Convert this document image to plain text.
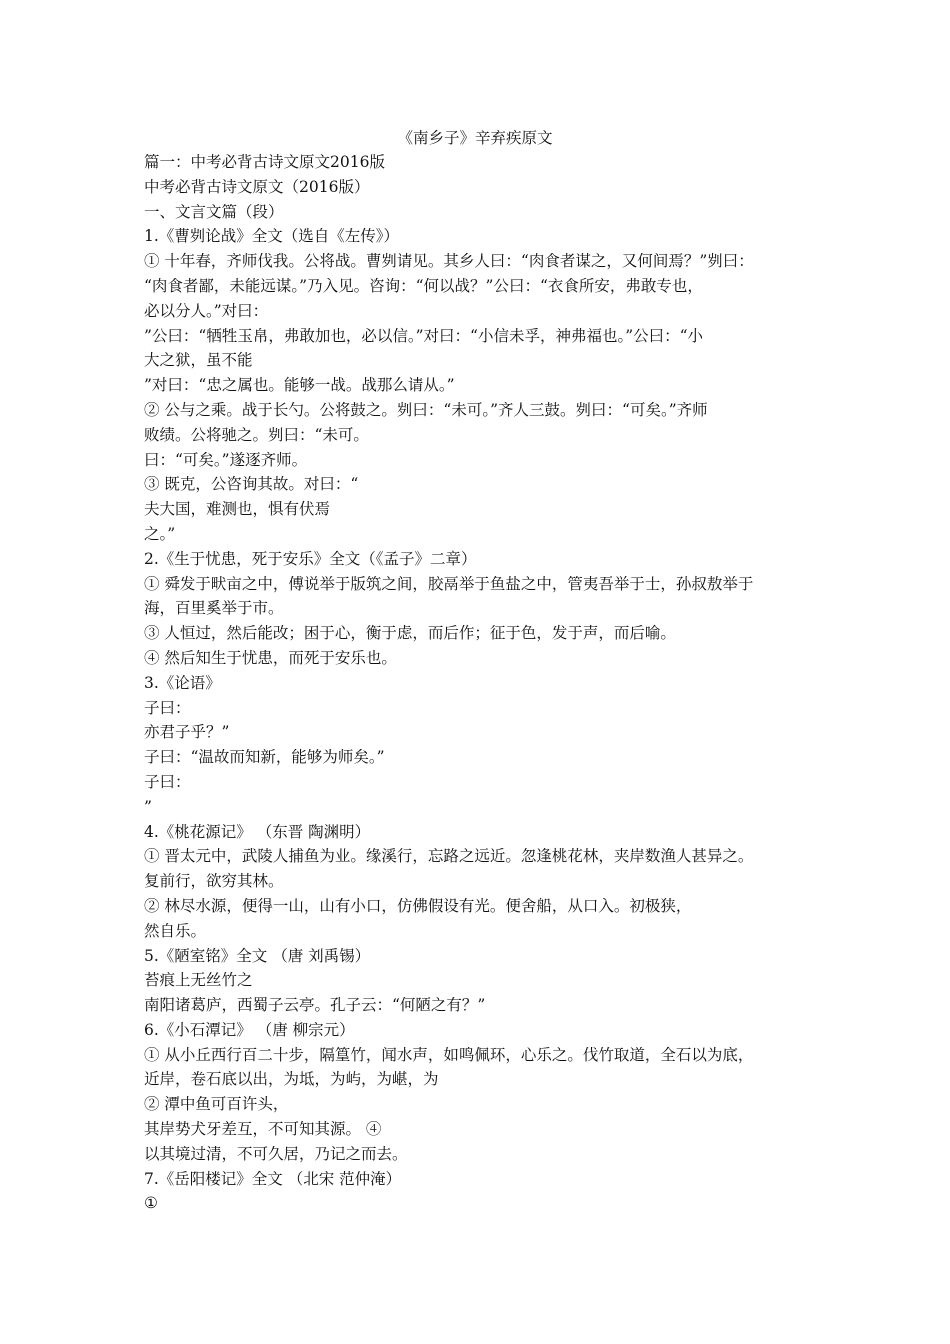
《南乡子》辛弃疾原文
篇一：中考必背古诗文原文2016版
中考必背古诗文原文（2016版）
一、文言文篇（段）
1.《曹刿论战》全文（选自《左传》）
① 十年春，齐师伐我。公将战。曹刿请见。其乡人曰：“肉食者谋之，又何间焉？”刿曰：
“肉食者鄙，未能远谋。”乃入见。咨询：“何以战？”公曰：“衣食所安，弗敢专也，
必以分人。”对曰：
”公曰：“牺牲玉帛，弗敢加也，必以信。”对曰：“小信未孚，神弗福也。”公曰：“小
大之狱，虽不能
”对曰：“忠之属也。能够一战。战那么请从。”
② 公与之乘。战于长勺。公将鼓之。刿曰：“未可。”齐人三鼓。刿曰：“可矣。”齐师
败绩。公将驰之。刿曰：“未可。
曰：“可矣。”遂逐齐师。
③ 既克，公咨询其故。对曰：“
夫大国，难测也，惧有伏焉
之。”
2.《生于忧患，死于安乐》全文（《孟子》二章）
① 舜发于畎亩之中，傅说举于版筑之间，胶鬲举于鱼盐之中，管夷吾举于士，孙叔敖举于
海，百里奚举于市。
③ 人恒过，然后能改；困于心，衡于虑，而后作；征于色，发于声，而后喻。
④ 然后知生于忧患，而死于安乐也。
3.《论语》
子曰：
亦君子乎？”
子曰：“温故而知新，能够为师矣。”
子曰：
”
4.《桃花源记》 （东晋 陶渊明）
① 晋太元中，武陵人捕鱼为业。缘溪行，忘路之远近。忽逢桃花林，夹岸数渔人甚异之。
复前行，欲穷其林。
② 林尽水源，便得一山，山有小口，仿佛假设有光。便舍船，从口入。初极狭，
然自乐。
5.《陋室铭》全文 （唐 刘禹锡）
苔痕上无丝竹之
南阳诸葛庐，西蜀子云亭。孔子云：“何陋之有？”
6.《小石潭记》 （唐 柳宗元）
① 从小丘西行百二十步，隔篁竹，闻水声，如鸣佩环，心乐之。伐竹取道，全石以为底，
近岸，卷石底以出，为坻，为屿，为嵁，为
② 潭中鱼可百许头，
其岸势犬牙差互，不可知其源。 ④
以其境过清，不可久居，乃记之而去。
7.《岳阳楼记》全文 （北宋 范仲淹）
①
